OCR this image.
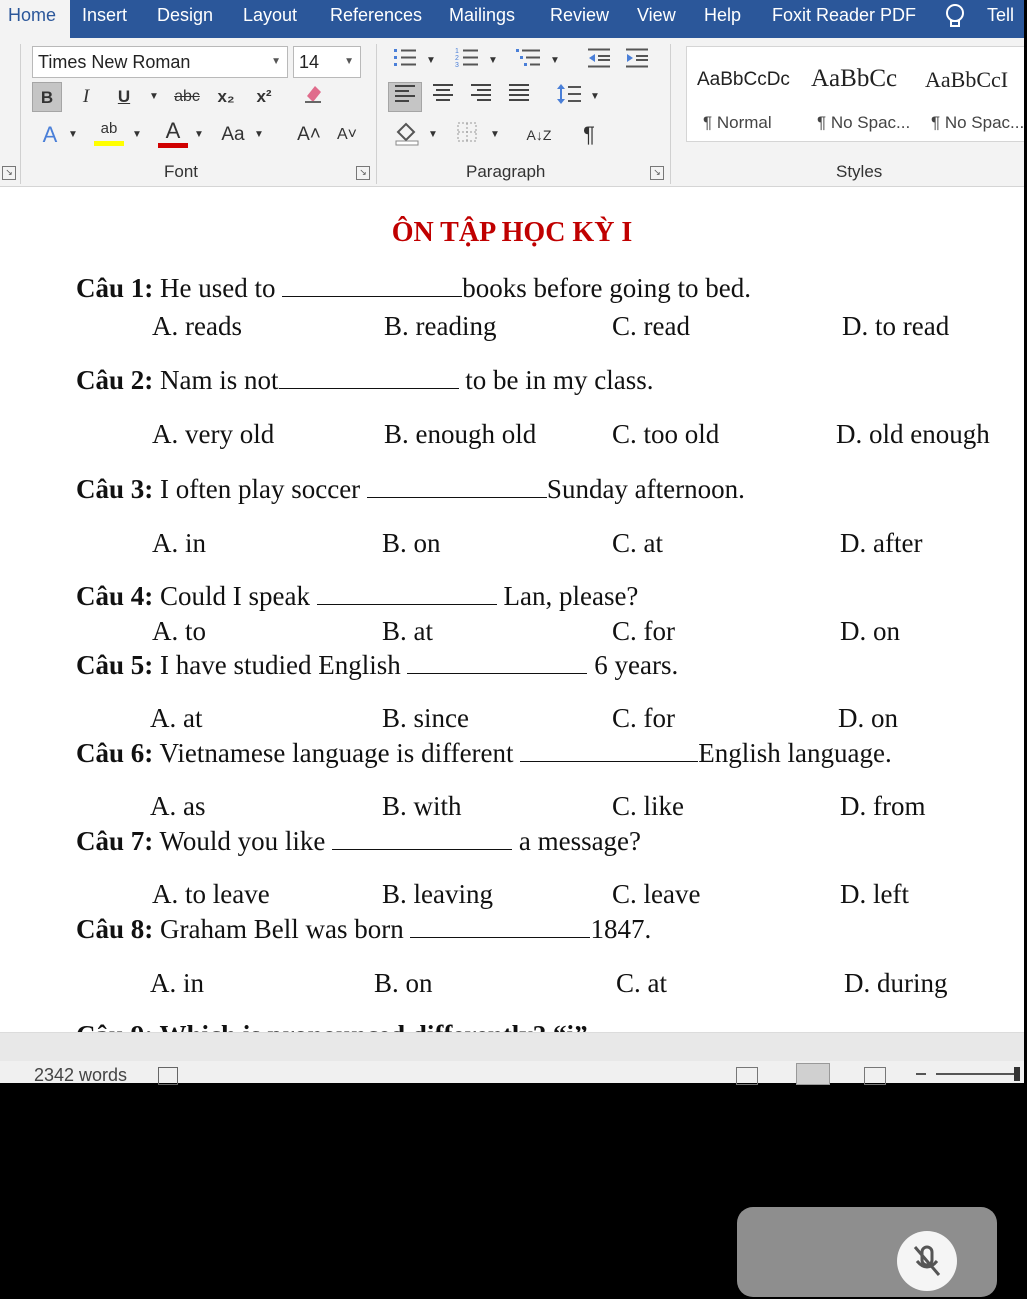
Home	Insert Design Layout References Mailings Review View Help Foxit Reader PDF	Tell
Times New Roman	▼	14	▼
B	I	U	▼ abc	x₂	x²
A	▼	ab	▼	A	▼ Aa ▼ A˄ A˅
↘	Font	↘
▼
1
2
3	▼	▼
▼
▼	▼ A↓Z	¶
Paragraph	↘
AaBbCcDc
¶ Normal
AaBbCc
¶ No Spac...
AaBbCcI
¶ No Spac...
Styles
ÔN TẬP HỌC KỲ I
Câu 1: He used to	books before going to bed.
A. reads	B. reading	C. read	D. to read
Câu 2: Nam is not	to be in my class.
A. very old	B. enough old	C. too old	D. old enough
Câu 3: I often play soccer	Sunday afternoon.
A. in	B. on	C. at	D. after
Câu 4: Could I speak	Lan, please?
A. to	B. at	C. for	D. on
Câu 5: I have studied English	6 years.
A. at	B. since	C. for	D. on
Câu 6: Vietnamese language is different	English language.
A. as	B. with	C. like	D. from
Câu 7: Would you like	a message?
A. to leave	B. leaving	C. leave	D. left
Câu 8: Graham Bell was born	1847.
A. in	B. on	C. at	D. during
2342 words
